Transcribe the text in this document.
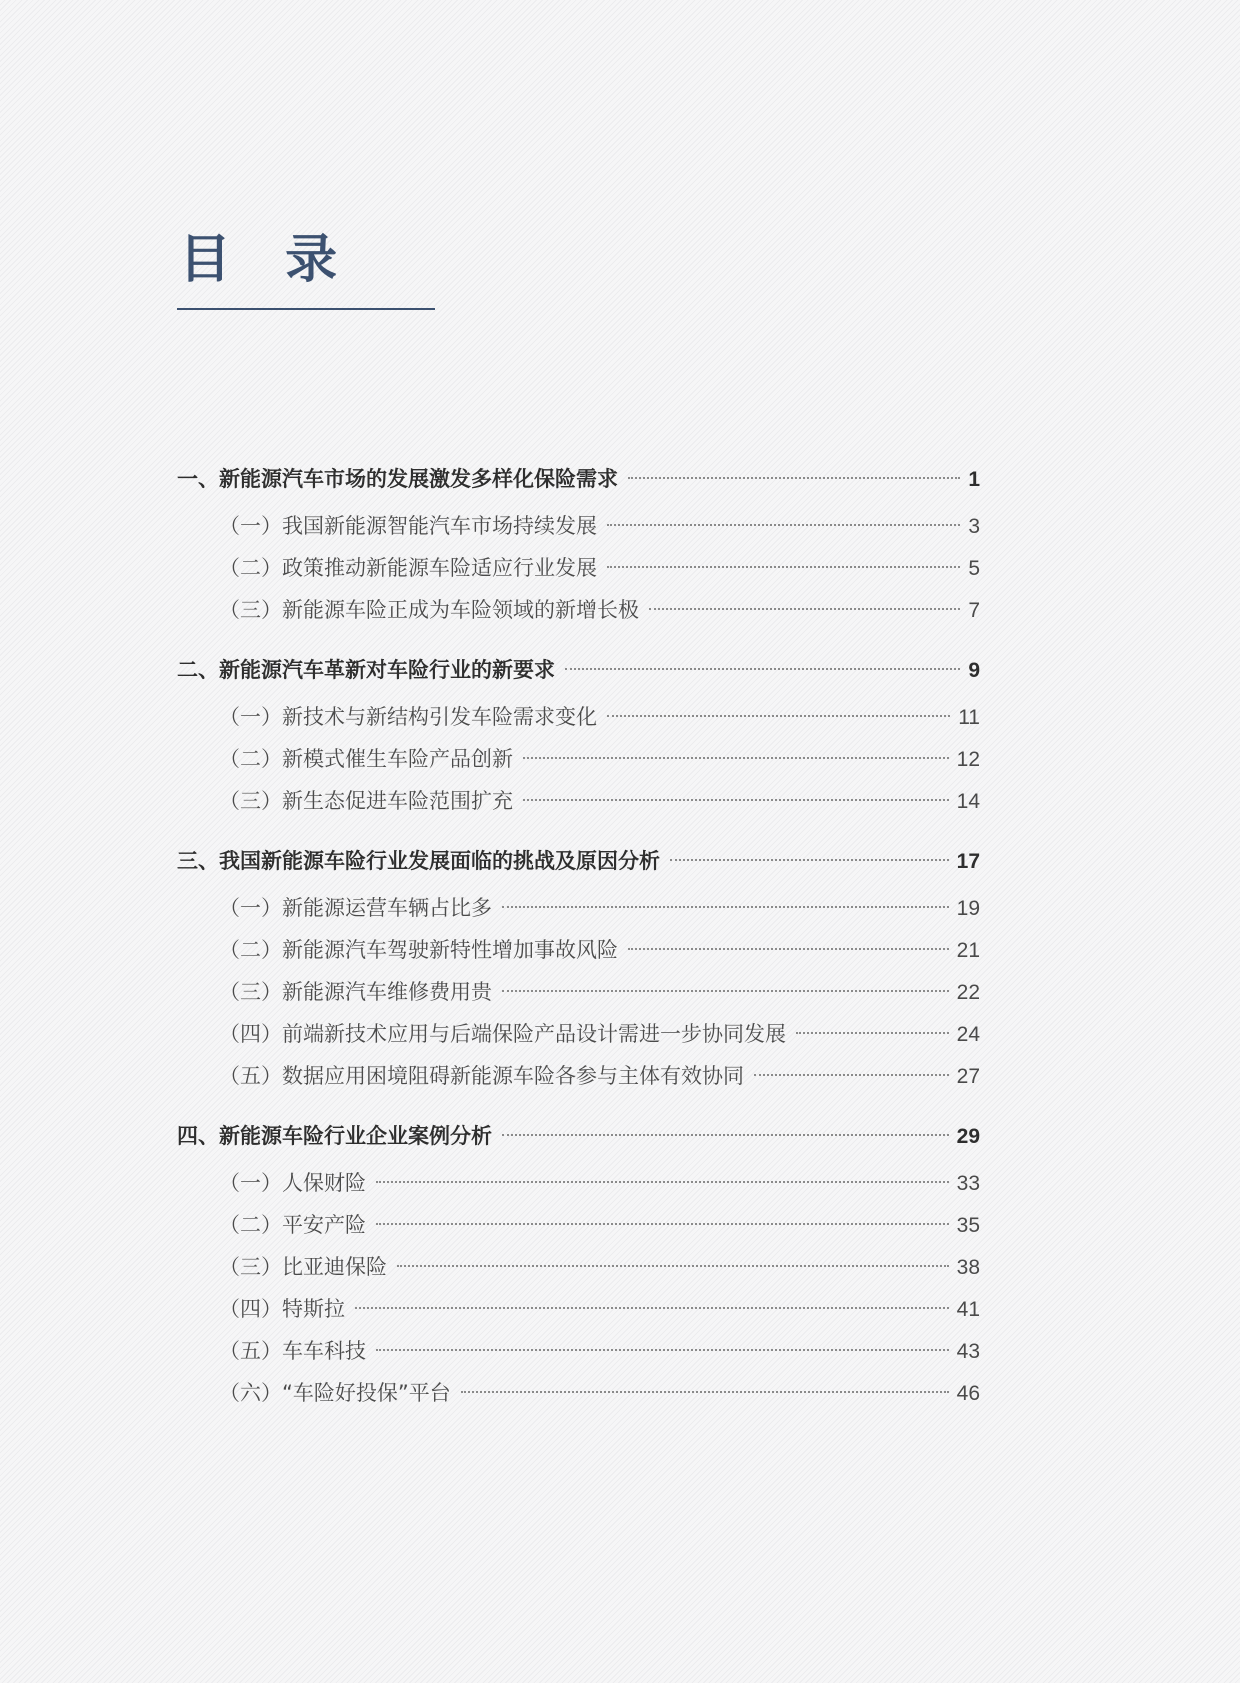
目 录
一、新能源汽车市场的发展激发多样化保险需求	1
（一）我国新能源智能汽车市场持续发展	3
（二）政策推动新能源车险适应行业发展	5
（三）新能源车险正成为车险领域的新增长极	7
二、新能源汽车革新对车险行业的新要求	9
（一）新技术与新结构引发车险需求变化	11
（二）新模式催生车险产品创新	12
（三）新生态促进车险范围扩充	14
三、我国新能源车险行业发展面临的挑战及原因分析	17
（一）新能源运营车辆占比多	19
（二）新能源汽车驾驶新特性增加事故风险	21
（三）新能源汽车维修费用贵	22
（四）前端新技术应用与后端保险产品设计需进一步协同发展	24
（五）数据应用困境阻碍新能源车险各参与主体有效协同	27
四、新能源车险行业企业案例分析	29
（一）人保财险	33
（二）平安产险	35
（三）比亚迪保险	38
（四）特斯拉	41
（五）车车科技	43
（六）“车险好投保”平台	46
